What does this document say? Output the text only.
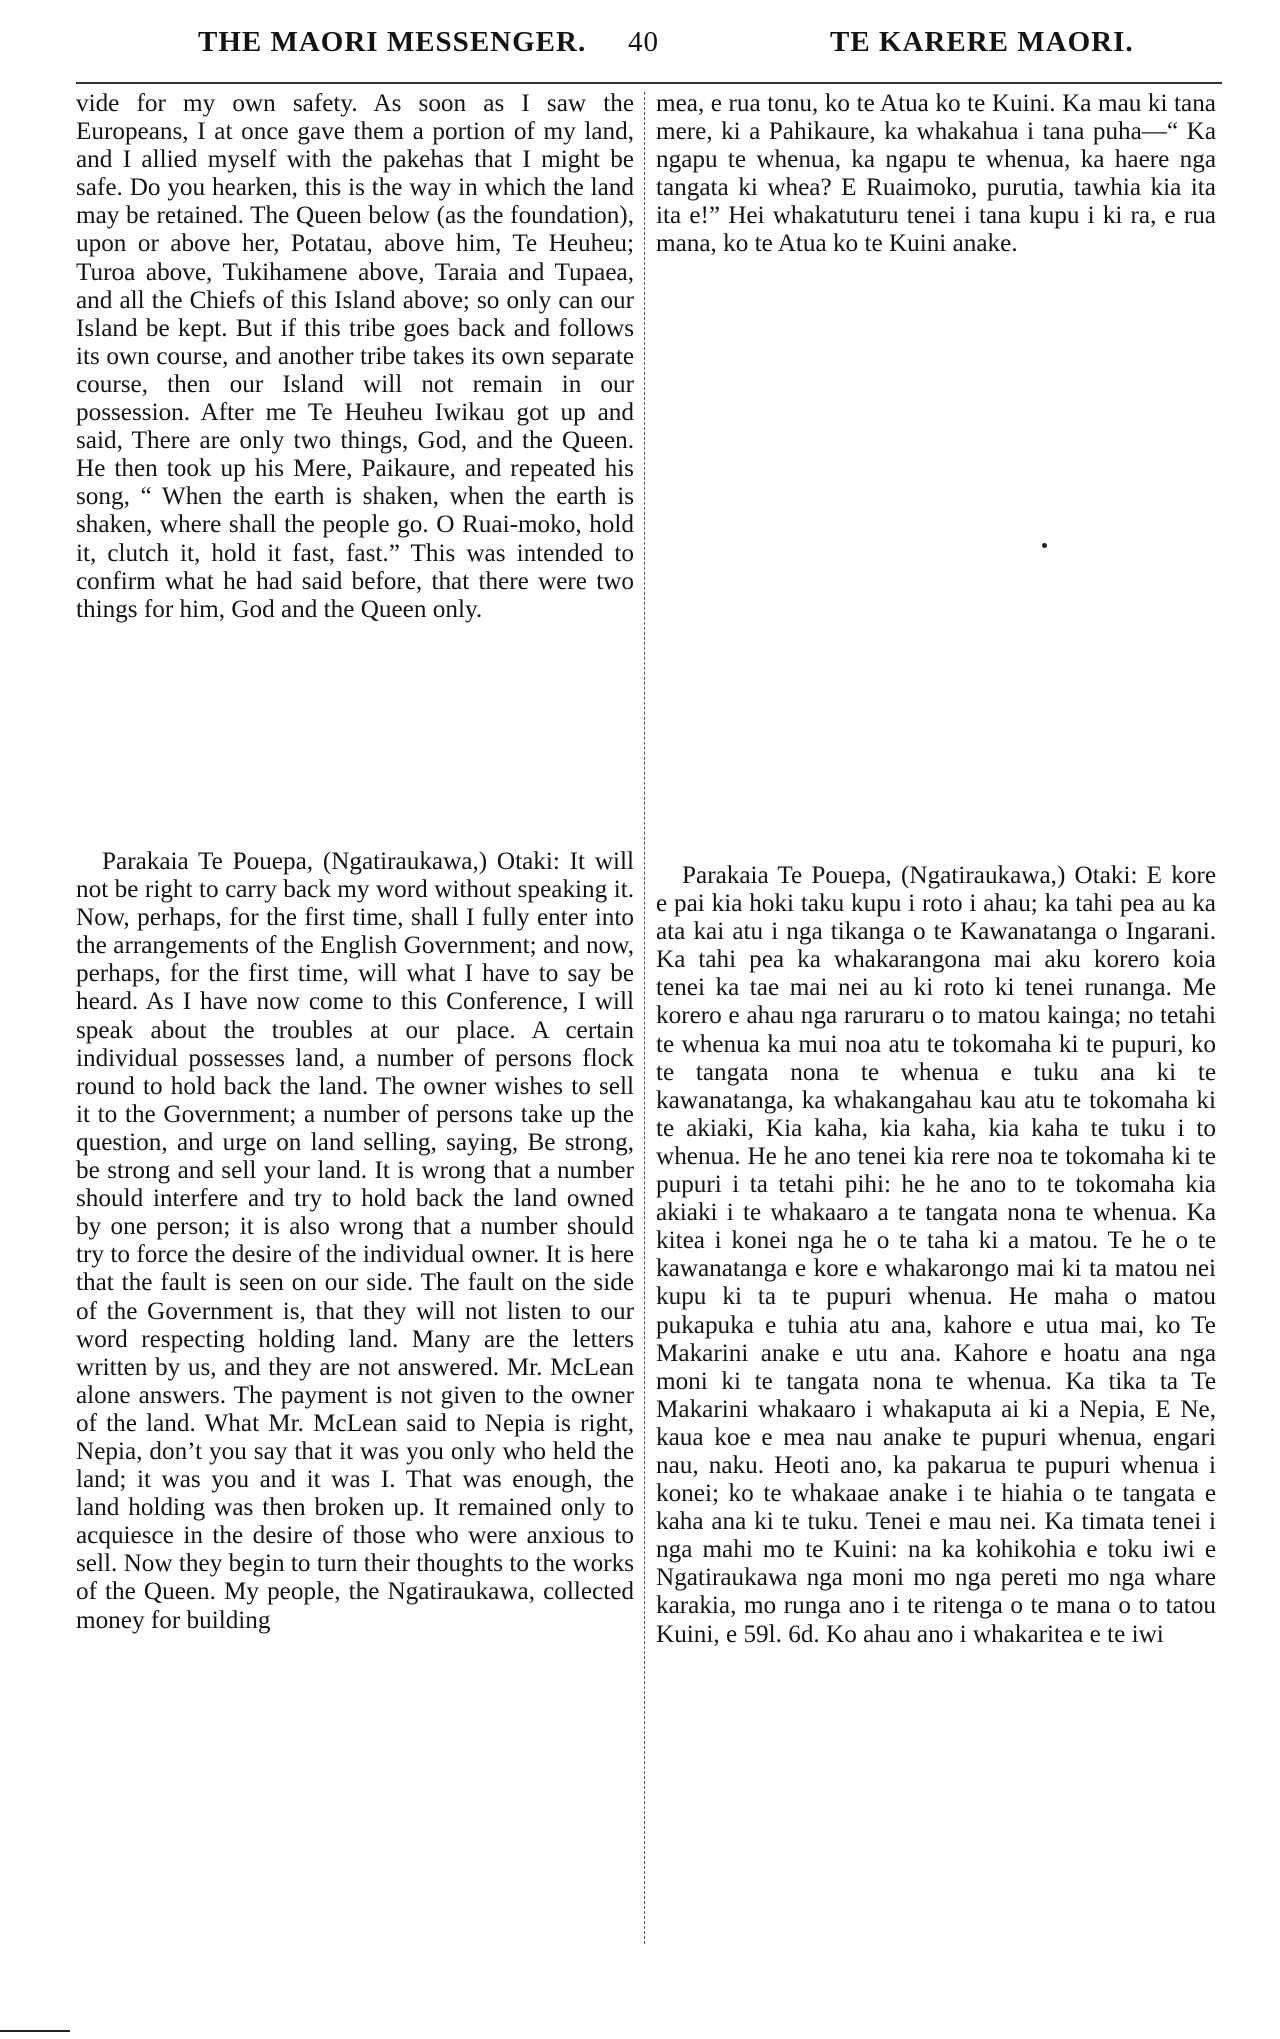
THE MAORI MESSENGER. 40	TE KARERE MAORI.

vide for my own safety. As soon as I saw the Europeans, I at once gave them a portion of my land, and I allied myself with the pakehas that I might be safe. Do you hearken, this is the way in which the land may be retained. The Queen below (as the foundation), upon or above her, Potatau, above him, Te Heuheu; Turoa above, Tukihamene above, Taraia and Tupaea, and all the Chiefs of this Island above; so only can our Island be kept. But if this tribe goes back and follows its own course, and another tribe takes its own separate course, then our Island will not remain in our possession. After me Te Heuheu Iwikau got up and said, There are only two things, God, and the Queen. He then took up his Mere, Paikaure, and repeated his song, “ When the earth is shaken, when the earth is shaken, where shall the people go. O Ruai-moko, hold it, clutch it, hold it fast, fast.” This was intended to confirm what he had said before, that there were two things for him, God and the Queen only.

Parakaia Te Pouepa, (Ngatiraukawa,) Otaki: It will not be right to carry back my word without speaking it. Now, perhaps, for the first time, shall I fully enter into the arrangements of the English Government; and now, perhaps, for the first time, will what I have to say be heard. As I have now come to this Conference, I will speak about the troubles at our place. A certain individual possesses land, a number of persons flock round to hold back the land. The owner wishes to sell it to the Government; a number of persons take up the question, and urge on land selling, saying, Be strong, be strong and sell your land. It is wrong that a number should interfere and try to hold back the land owned by one person; it is also wrong that a number should try to force the desire of the individual owner. It is here that the fault is seen on our side. The fault on the side of the Government is, that they will not listen to our word respecting holding land. Many are the letters written by us, and they are not answered. Mr. McLean alone answers. The payment is not given to the owner of the land. What Mr. McLean said to Nepia is right, Nepia, don’t you say that it was you only who held the land; it was you and it was I. That was enough, the land holding was then broken up. It remained only to acquiesce in the desire of those who were anxious to sell. Now they begin to turn their thoughts to the works of the Queen. My people, the Ngatiraukawa, collected money for building

mea, e rua tonu, ko te Atua ko te Kuini. Ka mau ki tana mere, ki a Pahikaure, ka whakahua i tana puha—“ Ka ngapu te whenua, ka ngapu te whenua, ka haere nga tangata ki whea? E Ruaimoko, purutia, tawhia kia ita ita e!” Hei whakatuturu tenei i tana kupu i ki ra, e rua mana, ko te Atua ko te Kuini anake.

Parakaia Te Pouepa, (Ngatiraukawa,) Otaki: E kore e pai kia hoki taku kupu i roto i ahau; ka tahi pea au ka ata kai atu i nga tikanga o te Kawanatanga o Ingarani. Ka tahi pea ka whakarangona mai aku korero koia tenei ka tae mai nei au ki roto ki tenei runanga. Me korero e ahau nga raruraru o to matou kainga; no tetahi te whenua ka mui noa atu te tokomaha ki te pupuri, ko te tangata nona te whenua e tuku ana ki te kawanatanga, ka whakangahau kau atu te tokomaha ki te akiaki, Kia kaha, kia kaha, kia kaha te tuku i to whenua. He he ano tenei kia rere noa te tokomaha ki te pupuri i ta tetahi pihi: he he ano to te tokomaha kia akiaki i te whakaaro a te tangata nona te whenua. Ka kitea i konei nga he o te taha ki a matou. Te he o te kawanatanga e kore e whakarongo mai ki ta matou nei kupu ki ta te pupuri whenua. He maha o matou pukapuka e tuhia atu ana, kahore e utua mai, ko Te Makarini anake e utu ana. Kahore e hoatu ana nga moni ki te tangata nona te whenua. Ka tika ta Te Makarini whakaaro i whakaputa ai ki a Nepia, E Ne, kaua koe e mea nau anake te pupuri whenua, engari nau, naku. Heoti ano, ka pakarua te pupuri whenua i konei; ko te whakaae anake i te hiahia o te tangata e kaha ana ki te tuku. Tenei e mau nei. Ka timata tenei i nga mahi mo te Kuini: na ka kohikohia e toku iwi e Ngatiraukawa nga moni mo nga pereti mo nga whare karakia, mo runga ano i te ritenga o te mana o to tatou Kuini, e 59l. 6d. Ko ahau ano i whakaritea e te iwi
